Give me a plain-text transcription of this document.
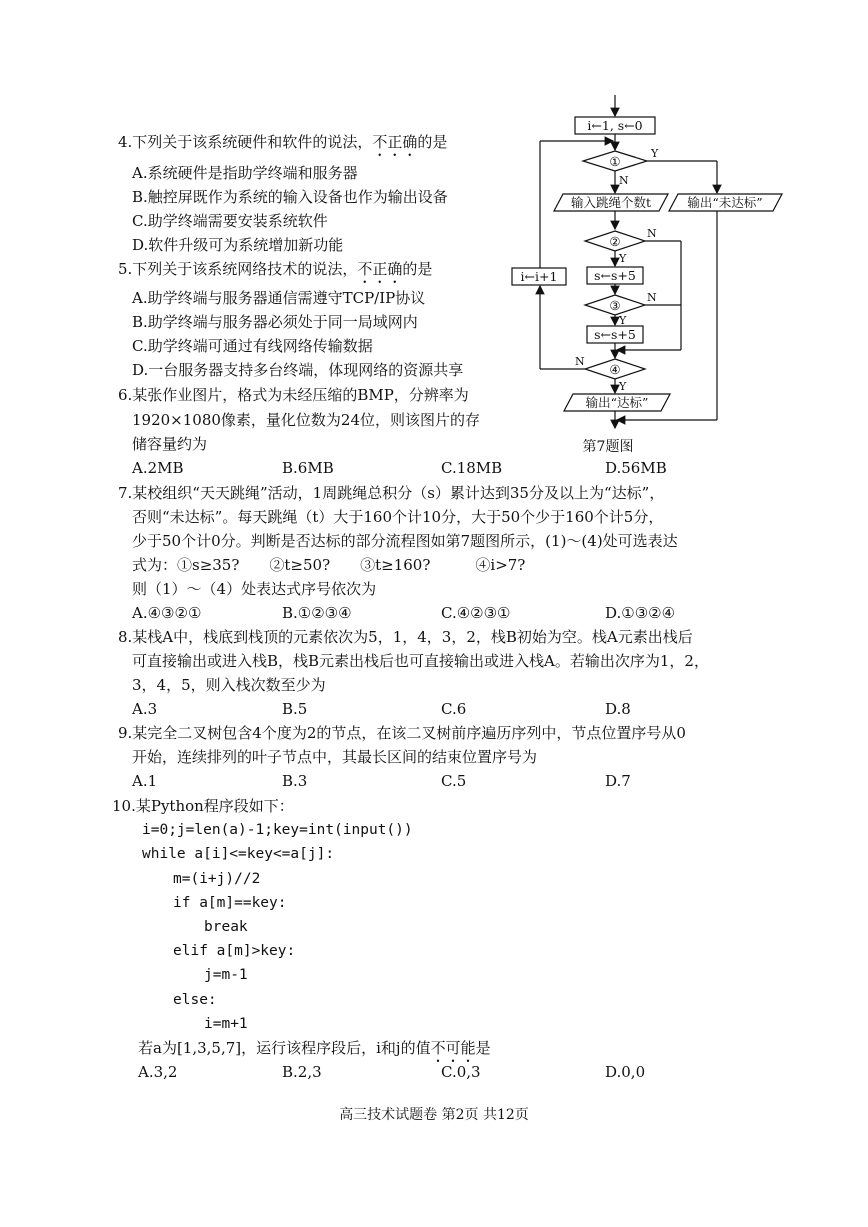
4.下列关于该系统硬件和软件的说法，不正确的是
A.系统硬件是指助学终端和服务器
B.触控屏既作为系统的输入设备也作为输出设备
C.助学终端需要安装系统软件
D.软件升级可为系统增加新功能
5.下列关于该系统网络技术的说法，不正确的是
A.助学终端与服务器通信需遵守TCP/IP协议
B.助学终端与服务器必须处于同一局域网内
C.助学终端可通过有线网络传输数据
D.一台服务器支持多台终端，体现网络的资源共享
6.某张作业图片，格式为未经压缩的BMP，分辨率为
1920×1080像素，量化位数为24位，则该图片的存
储容量约为
A.2MB	B.6MB	C.18MB	D.56MB
i←1, s←0
①
Y
N
输入跳绳个数t	输出“未达标”
②
N
Y
s←s+5
③
N
Y
s←s+5
i←i+1
④
N
Y
输出“达标”
第7题图
7.某校组织“天天跳绳”活动，1周跳绳总积分（s）累计达到35分及以上为“达标”，
否则“未达标”。每天跳绳（t）大于160个计10分，大于50个少于160个计5分，
少于50个计0分。判断是否达标的部分流程图如第7题图所示，(1)～(4)处可选表达
式为：①s≥35?　　②t≥50?　　③t≥160?　　　④i>7?
则（1）～（4）处表达式序号依次为
A.④③②①	B.①②③④	C.④②③①	D.①③②④
8.某栈A中，栈底到栈顶的元素依次为5，1，4，3，2，栈B初始为空。栈A元素出栈后
可直接输出或进入栈B，栈B元素出栈后也可直接输出或进入栈A。若输出次序为1，2，
3，4，5，则入栈次数至少为
A.3	B.5	C.6	D.8
9.某完全二叉树包含4个度为2的节点，在该二叉树前序遍历序列中，节点位置序号从0
开始，连续排列的叶子节点中，其最长区间的结束位置序号为
A.1	B.3	C.5	D.7
10.某Python程序段如下：
i=0;j=len(a)-1;key=int(input())
while a[i]<=key<=a[j]:
m=(i+j)//2
if a[m]==key:
break
elif a[m]>key:
j=m-1
else:
i=m+1
若a为[1,3,5,7]，运行该程序段后，i和j的值不可能是
A.3,2	B.2,3	C.0,3	D.0,0
高三技术试题卷 第2页 共12页
